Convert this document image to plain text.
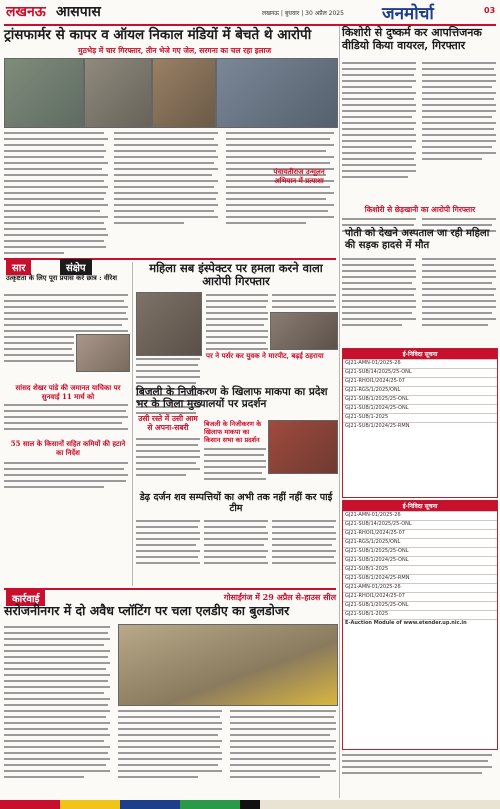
लखनऊ आसपास	लखनऊ | बुधवार | 30 अप्रैल 2025 जनमोर्चा	03
ट्रांसफार्मर से कापर व ऑयल निकाल मंडियों में बेचते थे आरोपी
मुठभेड़ में चार गिरफ्तार, तीन भेजे गए जेल, सरगना का चल रहा इलाज
किशोरी से दुष्कर्म कर आपत्तिजनक वीडियो किया वायरल, गिरफ्तार
किशोरी से छेड़खानी का आरोपी गिरफ्तार
पोती को देखने अस्पताल जा रही महिला की सड़क हादसे में मौत
सार	संक्षेप
उत्कृष्टता के लिए पूरा प्रयास करें छात्र : वीरेश
सांसद शेखर पांडे की जमानत याचिका पर सुनवाई 11 मार्च को
55 साल के किसानों सहित कमियों की हटाने का निर्देश
महिला सब इंस्पेक्टर पर हमला करने वाला आरोपी गिरफ्तार
पर ने पर्सर कर युवक ने मारपीट, बढ़ई ठहराया
उसी रस्ते में उसी आम से अपना-सबरी
बिजली के निजीकरण के खिलाफ माकपा का प्रदेश भर के जिला मुख्यालयों पर प्रदर्शन
बिजली के निजीकरण के खिलाफ माकपा का किसान सभा का प्रदर्शन
पंचायतीराज उन्मूलन अभियान में प्रत्याशा
ई-निविदा सूचना
GJ21-AMN-01/2025-26
GJ21-SUB/14/2025/25-ONL
GJ21-RHOI1/2024/25-07
GJ21-RGS/1/2025/ONL
GJ21-SUB/1/2025/25-ONL
GJ21-SUB/1/2024/25-ONL
GJ21-SUB/1-2025
GJ21-SUB/1/2024/25-RMN
ई-निविदा सूचना
GJ21-AMN-01/2025-26
GJ21-SUB/14/2025/25-ONL
GJ21-RHOI1/2024/25-07
GJ21-RGS/1/2025/ONL
GJ21-SUB/1/2025/25-ONL
GJ21-SUB/1/2024/25-ONL
GJ21-SUB/1-2025
GJ21-SUB/1/2024/25-RMN
GJ21-AMN-01/2025-26
GJ21-RHOI1/2024/25-07
GJ21-SUB/1/2025/25-ONL
GJ21-SUB/1-2025
E-Auction Module of www.etender.up.nic.in
डेढ़ दर्जन शव सम्पत्तियों का अभी तक नहीं नहीं कर पाई टीम
कार्रवाई	गोसाईंगंज में 29 अप्रैल से-हाउस सील
सरोजनीनगर में दो अवैध प्लॉटिंग पर चला एलडीए का बुलडोजर
